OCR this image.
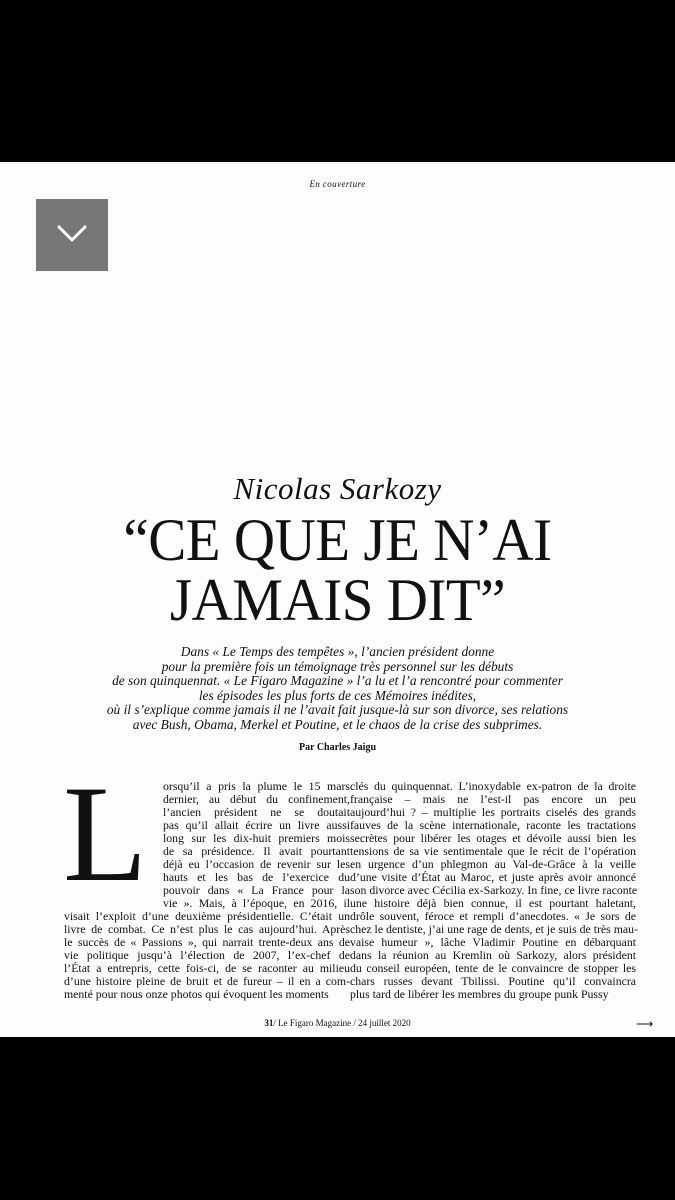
En couverture
Nicolas Sarkozy
“CE QUE JE N’AI
JAMAIS DIT”
Dans « Le Temps des tempêtes », l’ancien président donne
pour la première fois un témoignage très personnel sur les débuts
de son quinquennat. « Le Figaro Magazine » l’a lu et l’a rencontré pour commenter
les épisodes les plus forts de ces Mémoires inédites,
où il s’explique comme jamais il ne l’avait fait jusque-là sur son divorce, ses relations
avec Bush, Obama, Merkel et Poutine, et le chaos de la crise des subprimes.
Par Charles Jaigu
L	orsqu’il a pris la plume le 15 mars
dernier, au début du confinement,
l’ancien président ne se doutait
pas qu’il allait écrire un livre aussi
long sur les dix-huit premiers mois
de sa présidence. Il avait pourtant
déjà eu l’occasion de revenir sur les
hauts et les bas de l’exercice du
pouvoir dans « La France pour la
vie ». Mais, à l’époque, en 2016, il
visait l’exploit d’une deuxième présidentielle. C’était un
livre de combat. Ce n’est plus le cas aujourd’hui. Après
le succès de « Passions », qui narrait trente-deux ans de
vie politique jusqu’à l’élection de 2007, l’ex-chef de
l’État a entrepris, cette fois-ci, de se raconter au milieu
d’une histoire pleine de bruit et de fureur – il en a com-
menté pour nous onze photos qui évoquent les moments
clés du quinquennat. L’inoxydable ex-patron de la droite
française – mais ne l’est-il pas encore un peu
aujourd’hui ? – multiplie les portraits ciselés des grands
fauves de la scène internationale, raconte les tractations
secrètes pour libérer les otages et dévoile aussi bien les
tensions de sa vie sentimentale que le récit de l’opération
en urgence d’un phlegmon au Val-de-Grâce à la veille
d’une visite d’État au Maroc, et juste après avoir annoncé
son divorce avec Cécilia ex-Sarkozy. In fine, ce livre raconte
une histoire déjà bien connue, il est pourtant haletant,
drôle souvent, féroce et rempli d’anecdotes. « Je sors de
chez le dentiste, j’ai une rage de dents, et je suis de très mau-
vaise humeur », lâche Vladimir Poutine en débarquant
dans la réunion au Kremlin où Sarkozy, alors président
du conseil européen, tente de le convaincre de stopper les
chars russes devant Tbilissi. Poutine qu’il convaincra
plus tard de libérer les membres du groupe punk Pussy
⟶
31/ Le Figaro Magazine / 24 juillet 2020
